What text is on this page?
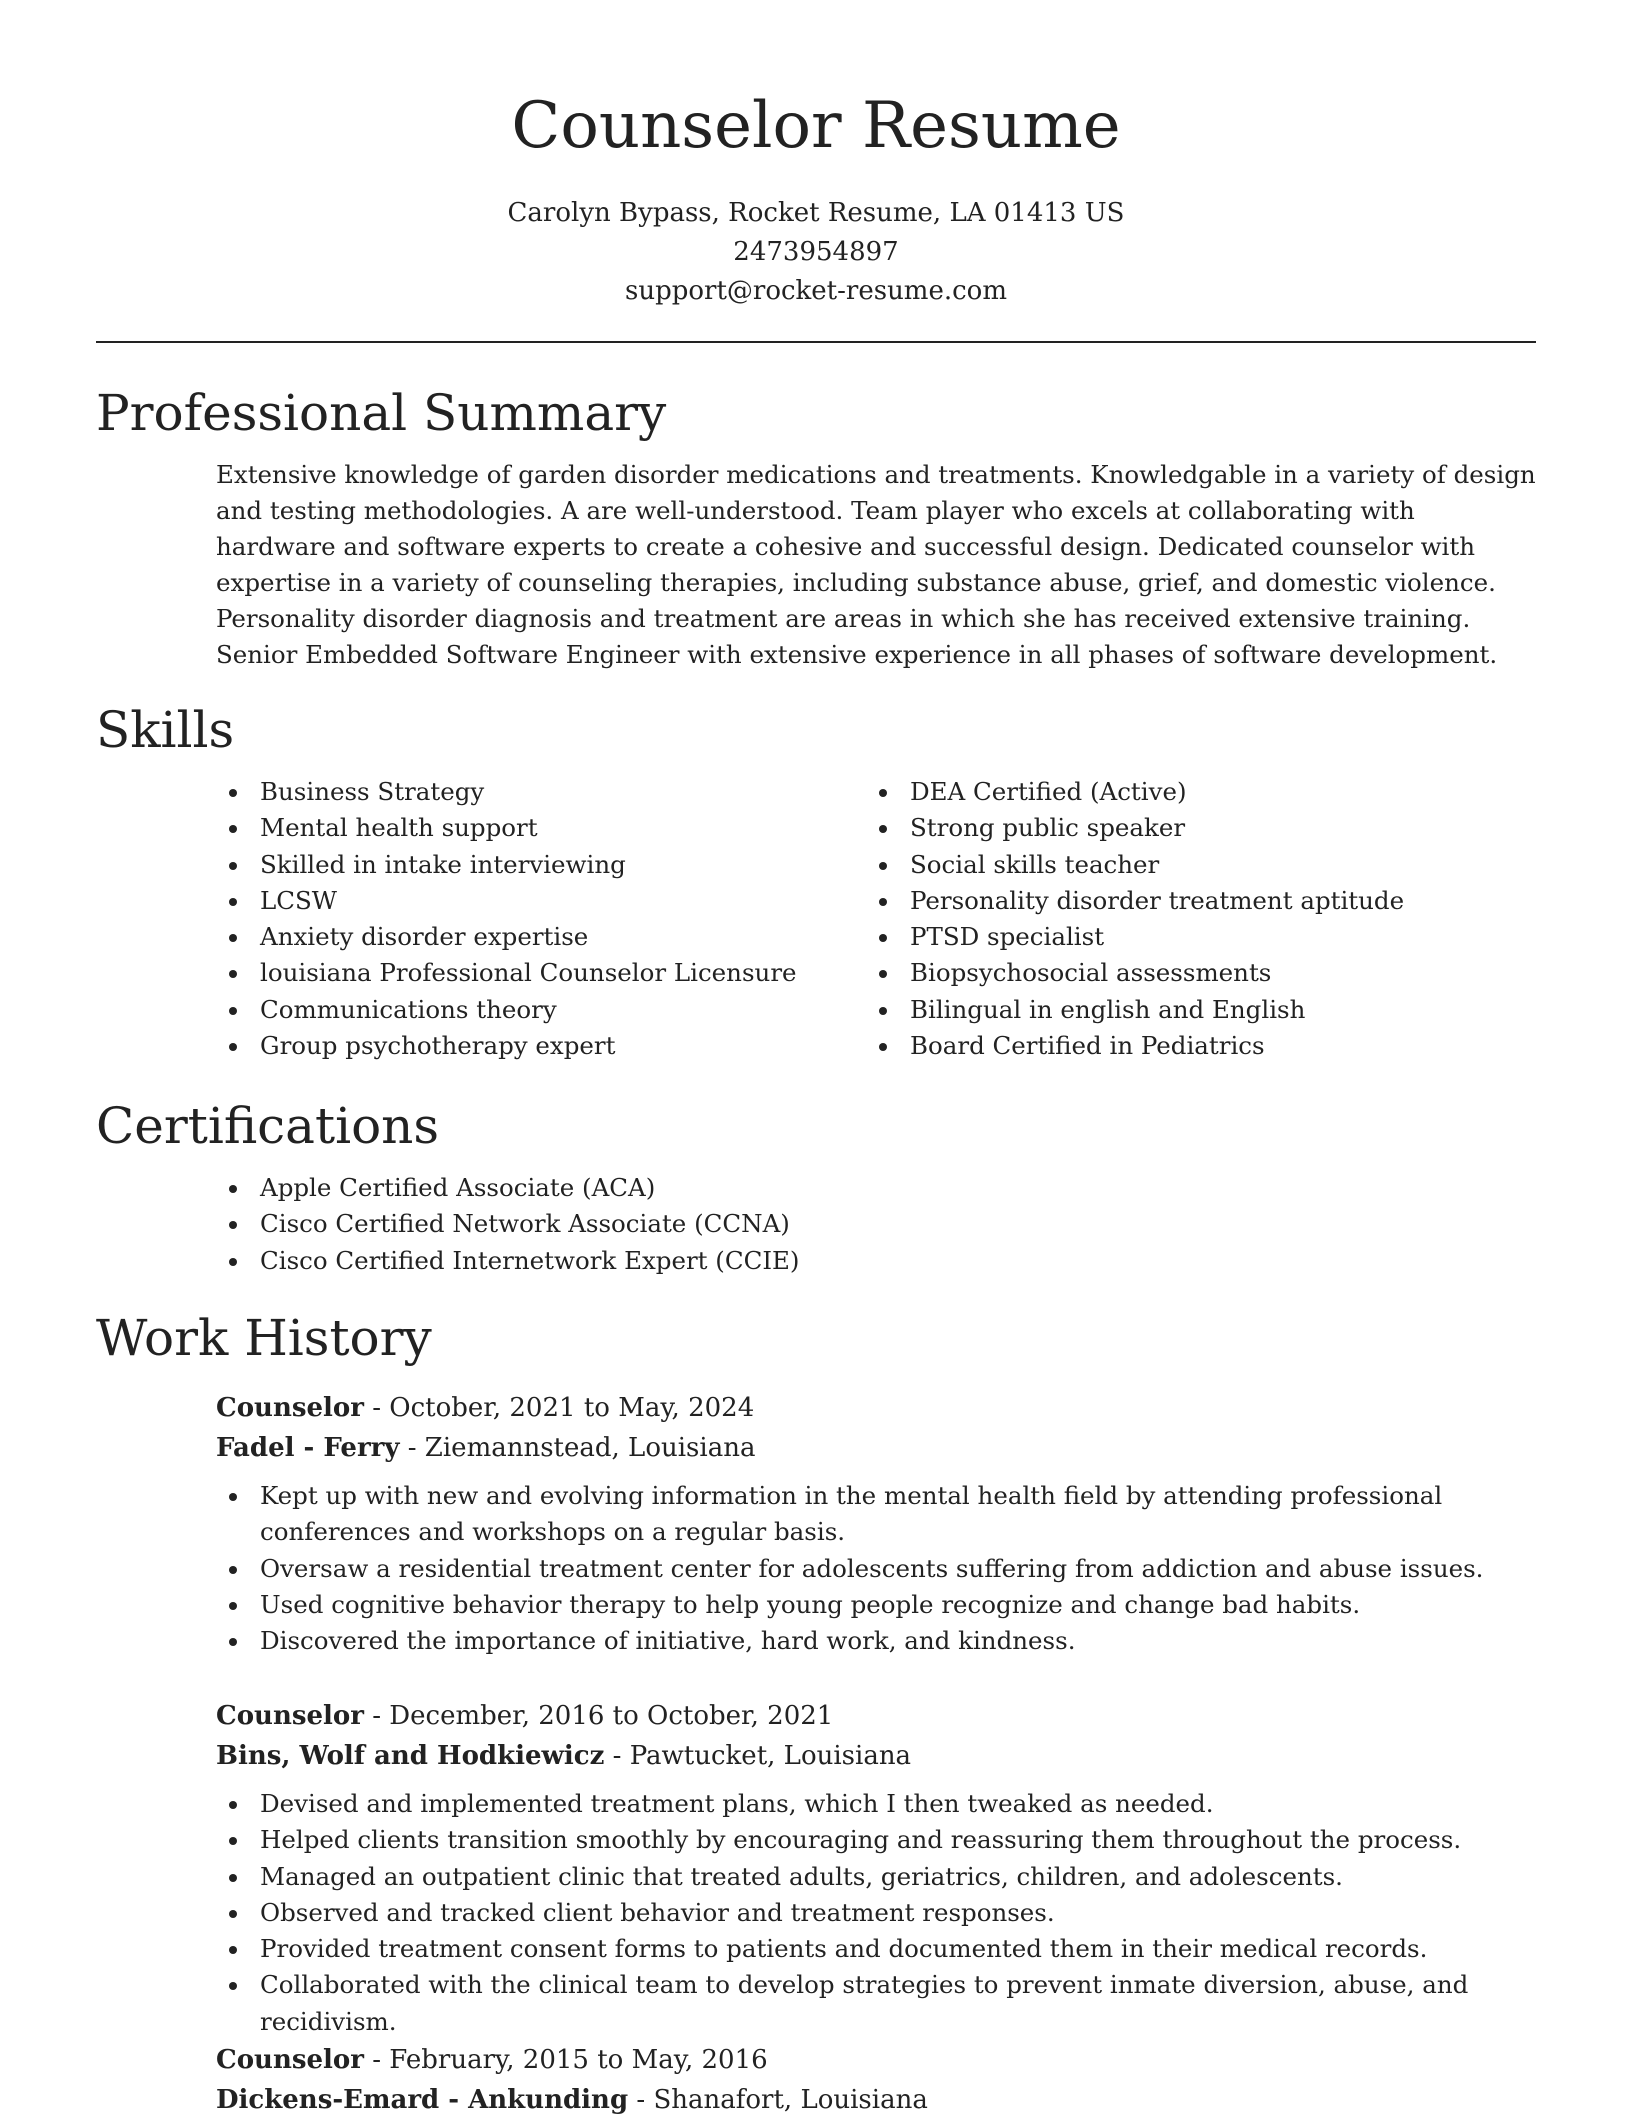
Counselor Resume
Carolyn Bypass, Rocket Resume, LA 01413 US
2473954897
support@rocket-resume.com
Professional Summary

Extensive knowledge of garden disorder medications and treatments. Knowledgable in a variety of design and testing methodologies. A are well-understood. Team player who excels at collaborating with hardware and software experts to create a cohesive and successful design. Dedicated counselor with expertise in a variety of counseling therapies, including substance abuse, grief, and domestic violence. Personality disorder diagnosis and treatment are areas in which she has received extensive training. Senior Embedded Software Engineer with extensive experience in all phases of software development.

Skills
Business Strategy
Mental health support
Skilled in intake interviewing
LCSW
Anxiety disorder expertise
louisiana Professional Counselor Licensure
Communications theory
Group psychotherapy expert
DEA Certified (Active)
Strong public speaker
Social skills teacher
Personality disorder treatment aptitude
PTSD specialist
Biopsychosocial assessments
Bilingual in english and English
Board Certified in Pediatrics
Certifications
Apple Certified Associate (ACA)
Cisco Certified Network Associate (CCNA)
Cisco Certified Internetwork Expert (CCIE)
Work History
Counselor - October, 2021 to May, 2024
Fadel - Ferry - Ziemannstead, Louisiana
Kept up with new and evolving information in the mental health field by attending professional conferences and workshops on a regular basis.
Oversaw a residential treatment center for adolescents suffering from addiction and abuse issues.
Used cognitive behavior therapy to help young people recognize and change bad habits.
Discovered the importance of initiative, hard work, and kindness.
Counselor - December, 2016 to October, 2021
Bins, Wolf and Hodkiewicz - Pawtucket, Louisiana
Devised and implemented treatment plans, which I then tweaked as needed.
Helped clients transition smoothly by encouraging and reassuring them throughout the process.
Managed an outpatient clinic that treated adults, geriatrics, children, and adolescents.
Observed and tracked client behavior and treatment responses.
Provided treatment consent forms to patients and documented them in their medical records.
Collaborated with the clinical team to develop strategies to prevent inmate diversion, abuse, and recidivism.
Counselor - February, 2015 to May, 2016
Dickens-Emard - Ankunding - Shanafort, Louisiana
